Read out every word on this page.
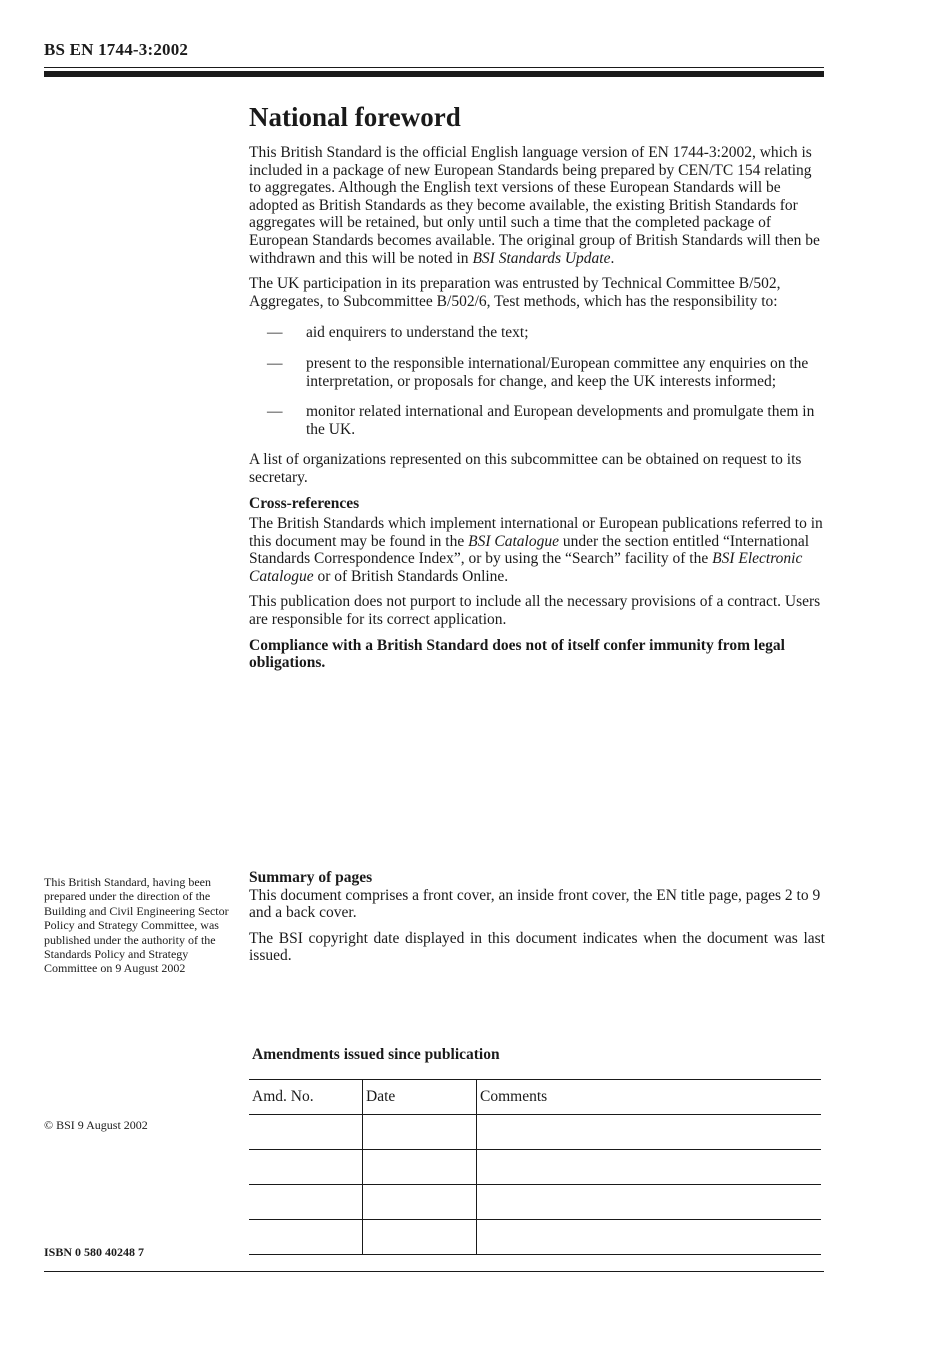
BS EN 1744-3:2002
National foreword

This British Standard is the official English language version of EN 1744-3:2002, which is included in a package of new European Standards being prepared by CEN/TC 154 relating to aggregates. Although the English text versions of these European Standards will be adopted as British Standards as they become available, the existing British Standards for aggregates will be retained, but only until such a time that the completed package of European Standards becomes available. The original group of British Standards will then be withdrawn and this will be noted in BSI Standards Update.

The UK participation in its preparation was entrusted by Technical Committee B/502, Aggregates, to Subcommittee B/502/6, Test methods, which has the responsibility to:

— aid enquirers to understand the text;
— present to the responsible international/European committee any enquiries on the interpretation, or proposals for change, and keep the UK interests informed;
— monitor related international and European developments and promulgate them in the UK.

A list of organizations represented on this subcommittee can be obtained on request to its secretary.

Cross-references

The British Standards which implement international or European publications referred to in this document may be found in the BSI Catalogue under the section entitled “International Standards Correspondence Index”, or by using the “Search” facility of the BSI Electronic Catalogue or of British Standards Online.

This publication does not purport to include all the necessary provisions of a contract. Users are responsible for its correct application.

Compliance with a British Standard does not of itself confer immunity from legal obligations.

This British Standard, having been prepared under the direction of the Building and Civil Engineering Sector Policy and Strategy Committee, was published under the authority of the Standards Policy and Strategy Committee on 9 August 2002
Summary of pages

This document comprises a front cover, an inside front cover, the EN title page, pages 2 to 9 and a back cover.

The BSI copyright date displayed in this document indicates when the document was last issued.

Amendments issued since publication
Amd. No.	Date	Comments

© BSI 9 August 2002
ISBN 0 580 40248 7
